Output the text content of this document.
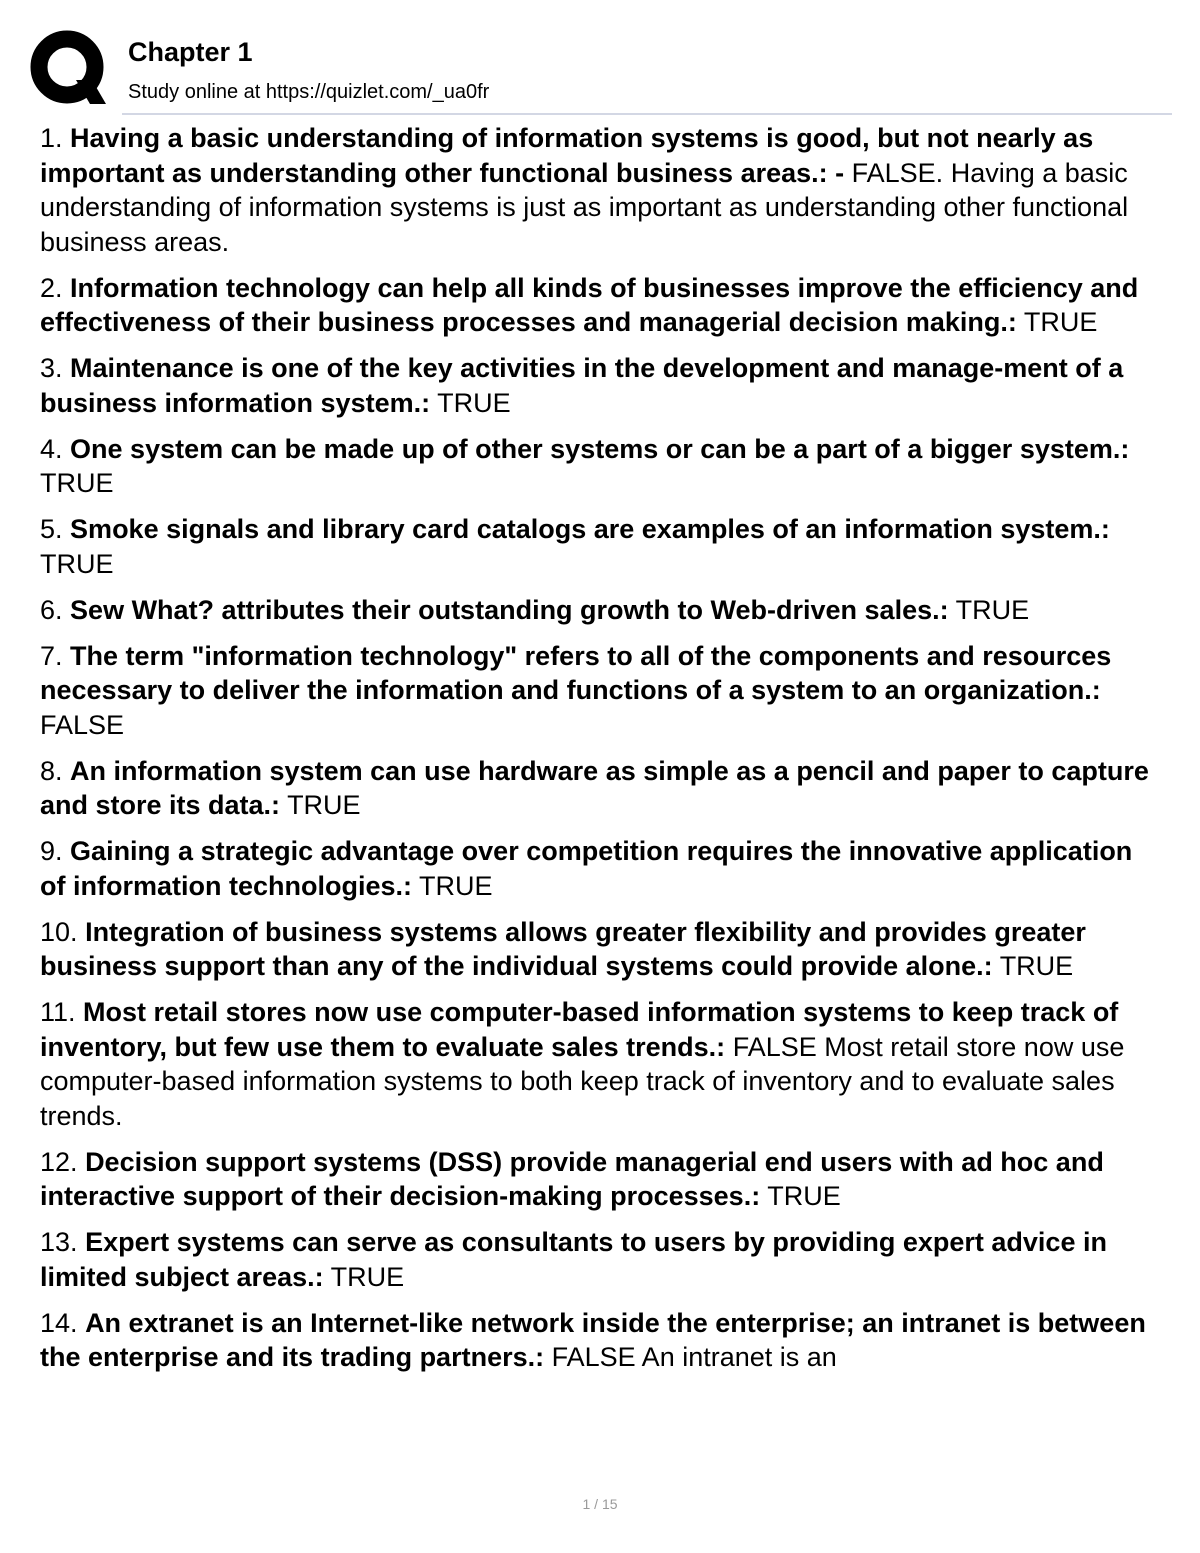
Chapter 1
Study online at https://quizlet.com/_ua0fr
1. Having a basic understanding of information systems is good, but not nearly as important as understanding other functional business areas.: - FALSE. Having a basic understanding of information systems is just as important as understanding other functional business areas.
2. Information technology can help all kinds of businesses improve the efficiency and effectiveness of their business processes and managerial decision making.: TRUE
3. Maintenance is one of the key activities in the development and manage-ment of a business information system.: TRUE
4. One system can be made up of other systems or can be a part of a bigger system.: TRUE
5. Smoke signals and library card catalogs are examples of an information system.: TRUE
6. Sew What? attributes their outstanding growth to Web-driven sales.: TRUE
7. The term "information technology" refers to all of the components and resources necessary to deliver the information and functions of a system to an organization.: FALSE
8. An information system can use hardware as simple as a pencil and paper to capture and store its data.: TRUE
9. Gaining a strategic advantage over competition requires the innovative application of information technologies.: TRUE
10. Integration of business systems allows greater flexibility and provides greater business support than any of the individual systems could provide alone.: TRUE
11. Most retail stores now use computer-based information systems to keep track of inventory, but few use them to evaluate sales trends.: FALSE Most retail store now use computer-based information systems to both keep track of inventory and to evaluate sales trends.
12. Decision support systems (DSS) provide managerial end users with ad hoc and interactive support of their decision-making processes.: TRUE
13. Expert systems can serve as consultants to users by providing expert advice in limited subject areas.: TRUE
14. An extranet is an Internet-like network inside the enterprise; an intranet is between the enterprise and its trading partners.: FALSE An intranet is an
1 / 15
